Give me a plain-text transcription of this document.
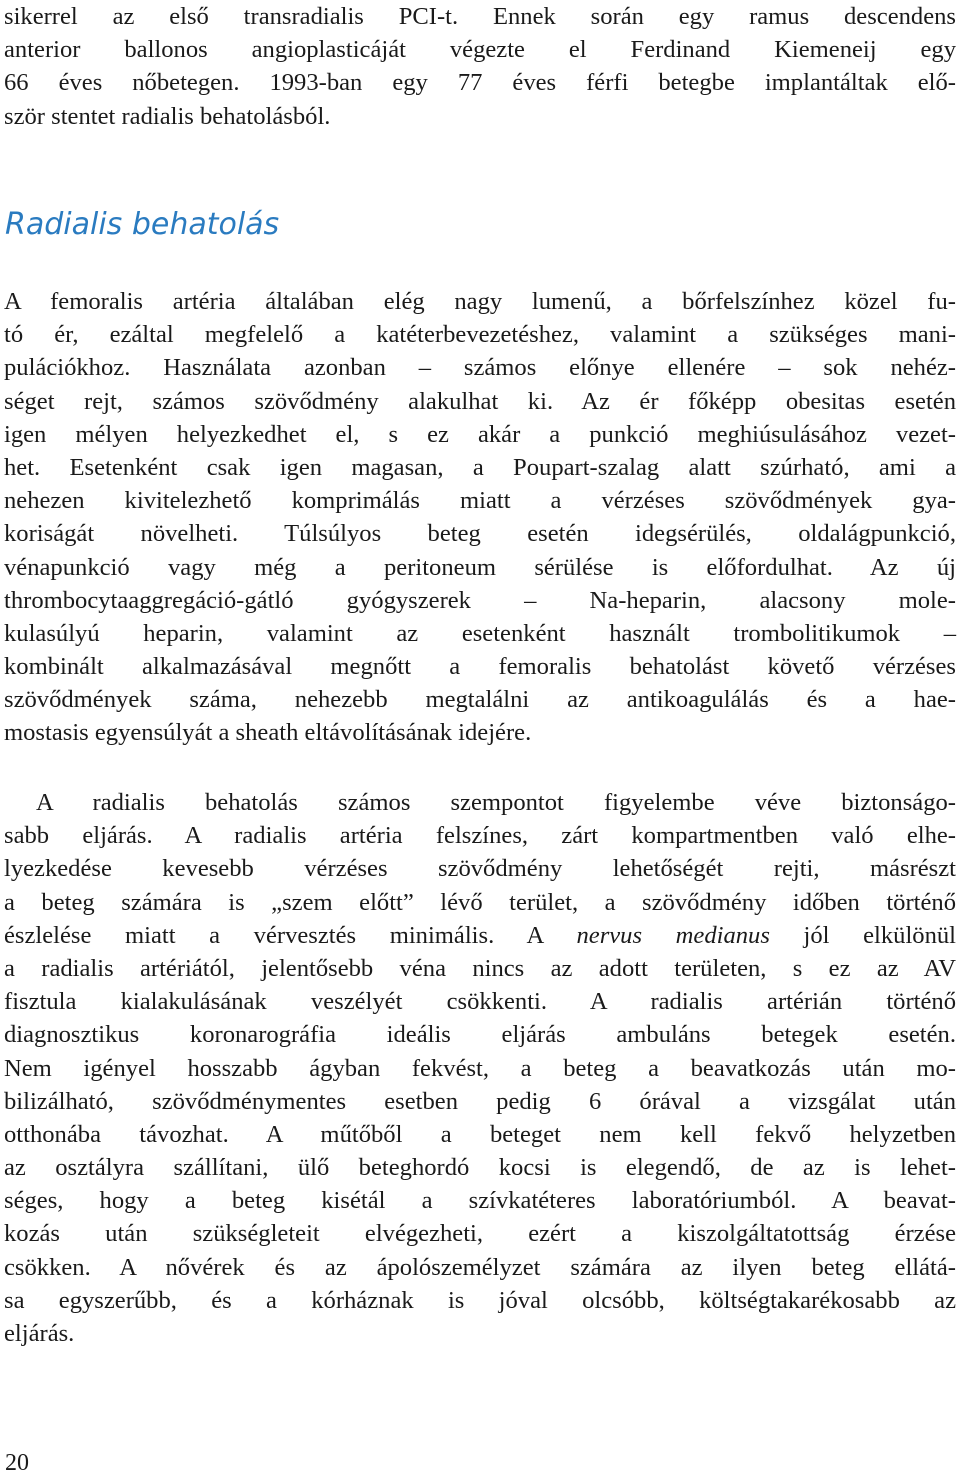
sikerrel az első transradialis PCI-t. Ennek során egy ramus descendens
anterior ballonos angioplasticáját végezte el Ferdinand Kiemeneij egy
66 éves nőbetegen. 1993-ban egy 77 éves férfi betegbe implantáltak elő-
ször stentet radialis behatolásból.
Radialis behatolás
A femoralis artéria általában elég nagy lumenű, a bőrfelszínhez közel fu-
tó ér, ezáltal megfelelő a katéterbevezetéshez, valamint a szükséges mani-
pulációkhoz. Használata azonban – számos előnye ellenére – sok nehéz-
séget rejt, számos szövődmény alakulhat ki. Az ér főképp obesitas esetén
igen mélyen helyezkedhet el, s ez akár a punkció meghiúsulásához vezet-
het. Esetenként csak igen magasan, a Poupart-szalag alatt szúrható, ami a
nehezen kivitelezhető komprimálás miatt a vérzéses szövődmények gya-
koriságát növelheti. Túlsúlyos beteg esetén idegsérülés, oldalágpunkció,
vénapunkció vagy még a peritoneum sérülése is előfordulhat. Az új
thrombocytaaggregáció-gátló gyógyszerek – Na-heparin, alacsony mole-
kulasúlyú heparin, valamint az esetenként használt trombolitikumok –
kombinált alkalmazásával megnőtt a femoralis behatolást követő vérzéses
szövődmények száma, nehezebb megtalálni az antikoagulálás és a hae-
mostasis egyensúlyát a sheath eltávolításának idejére.
A radialis behatolás számos szempontot figyelembe véve biztonságo-
sabb eljárás. A radialis artéria felszínes, zárt kompartmentben való elhe-
lyezkedése kevesebb vérzéses szövődmény lehetőségét rejti, másrészt
a beteg számára is „szem előtt” lévő terület, a szövődmény időben történő
észlelése miatt a vérvesztés minimális. A nervus medianus jól elkülönül
a radialis artériától, jelentősebb véna nincs az adott területen, s ez az AV
fisztula kialakulásának veszélyét csökkenti. A radialis artérián történő
diagnosztikus koronarográfia ideális eljárás ambuláns betegek esetén.
Nem igényel hosszabb ágyban fekvést, a beteg a beavatkozás után mo-
bilizálható, szövődménymentes esetben pedig 6 órával a vizsgálat után
otthonába távozhat. A műtőből a beteget nem kell fekvő helyzetben
az osztályra szállítani, ülő beteghordó kocsi is elegendő, de az is lehet-
séges, hogy a beteg kisétál a szívkatéteres laboratóriumból. A beavat-
kozás után szükségleteit elvégezheti, ezért a kiszolgáltatottság érzése
csökken. A nővérek és az ápolószemélyzet számára az ilyen beteg ellátá-
sa egyszerűbb, és a kórháznak is jóval olcsóbb, költségtakarékosabb az
eljárás.
20
